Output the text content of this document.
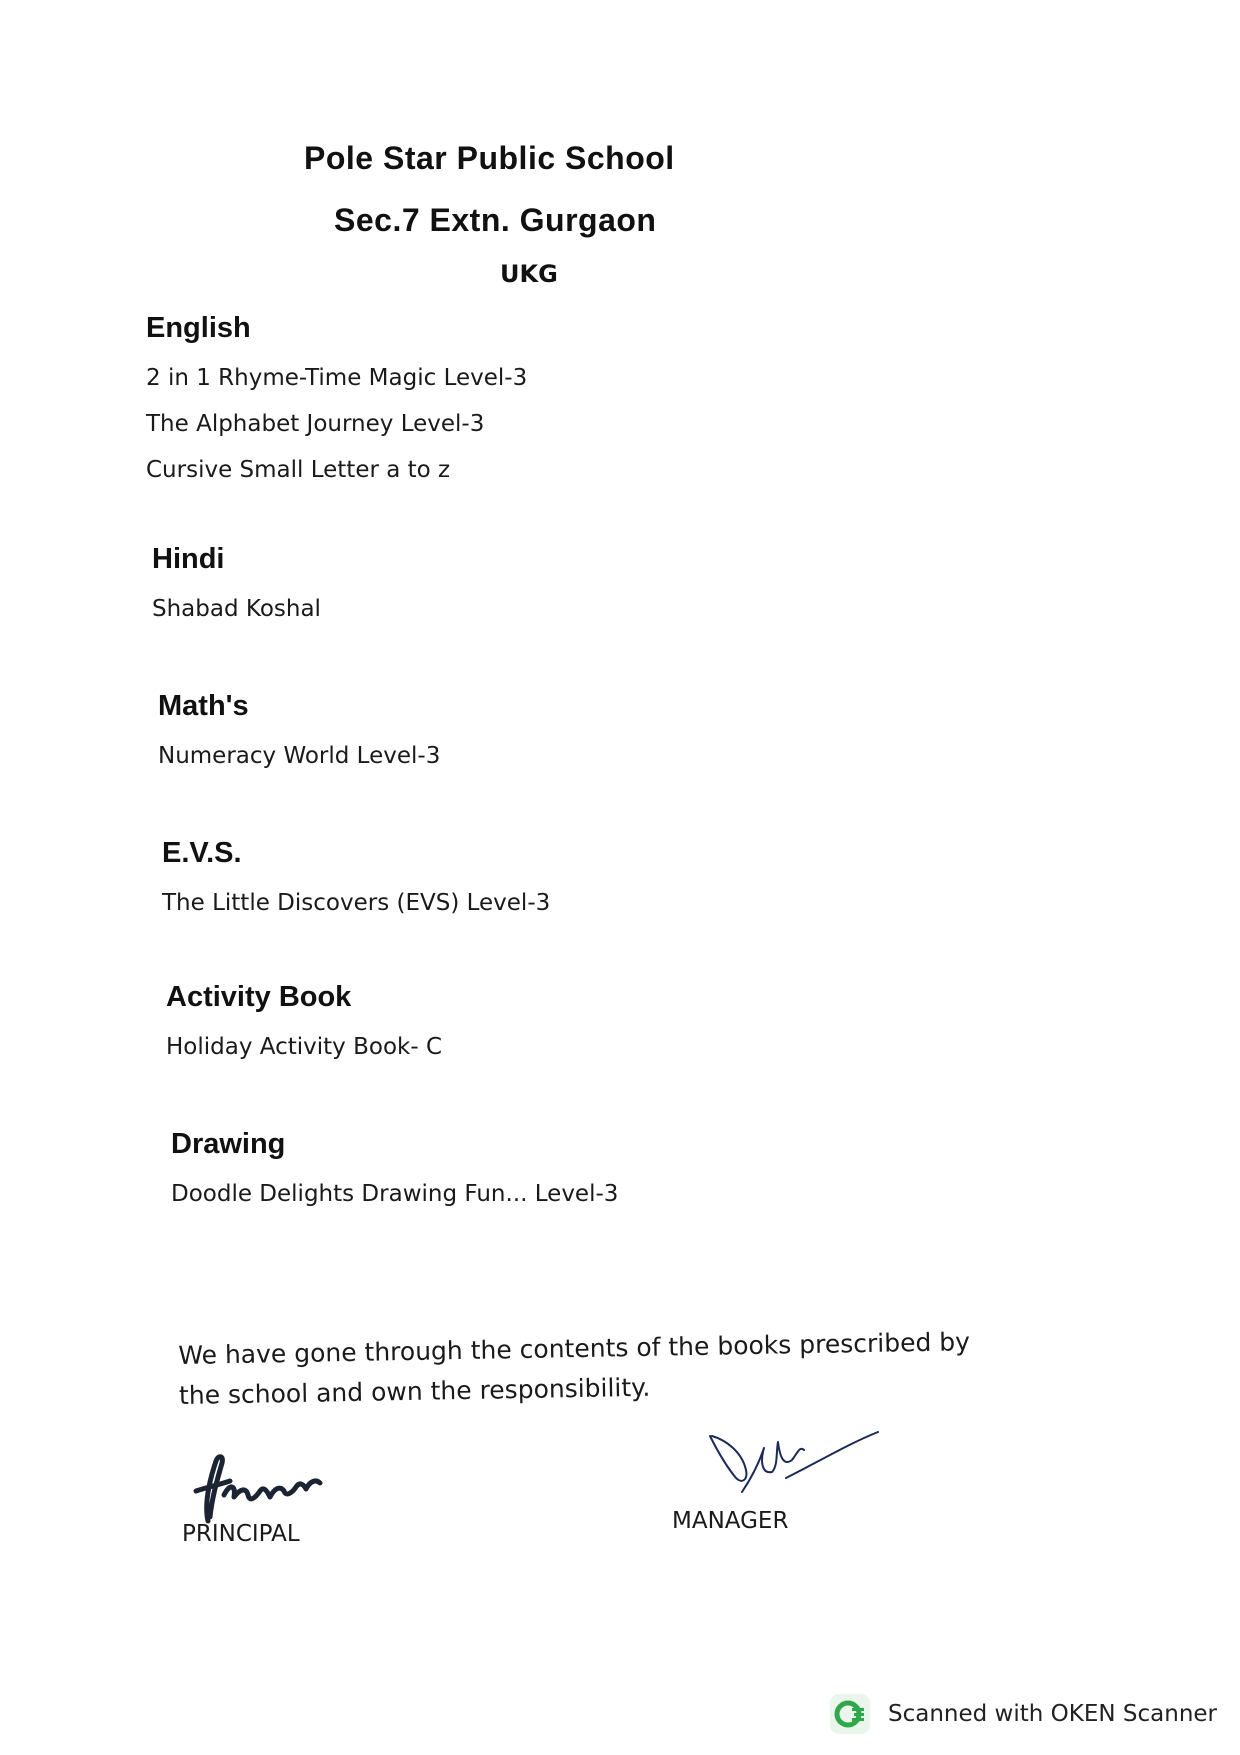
Pole Star Public School
Sec.7 Extn. Gurgaon
UKG
English
2 in 1 Rhyme-Time Magic Level-3
The Alphabet Journey Level-3
Cursive Small Letter a to z
Hindi
Shabad Koshal
Math's
Numeracy World Level-3
E.V.S.
The Little Discovers (EVS) Level-3
Activity Book
Holiday Activity Book- C
Drawing
Doodle Delights Drawing Fun... Level-3
We have gone through the contents of the books prescribed by the school and own the responsibility.
PRINCIPAL	MANAGER
Scanned with OKEN Scanner
